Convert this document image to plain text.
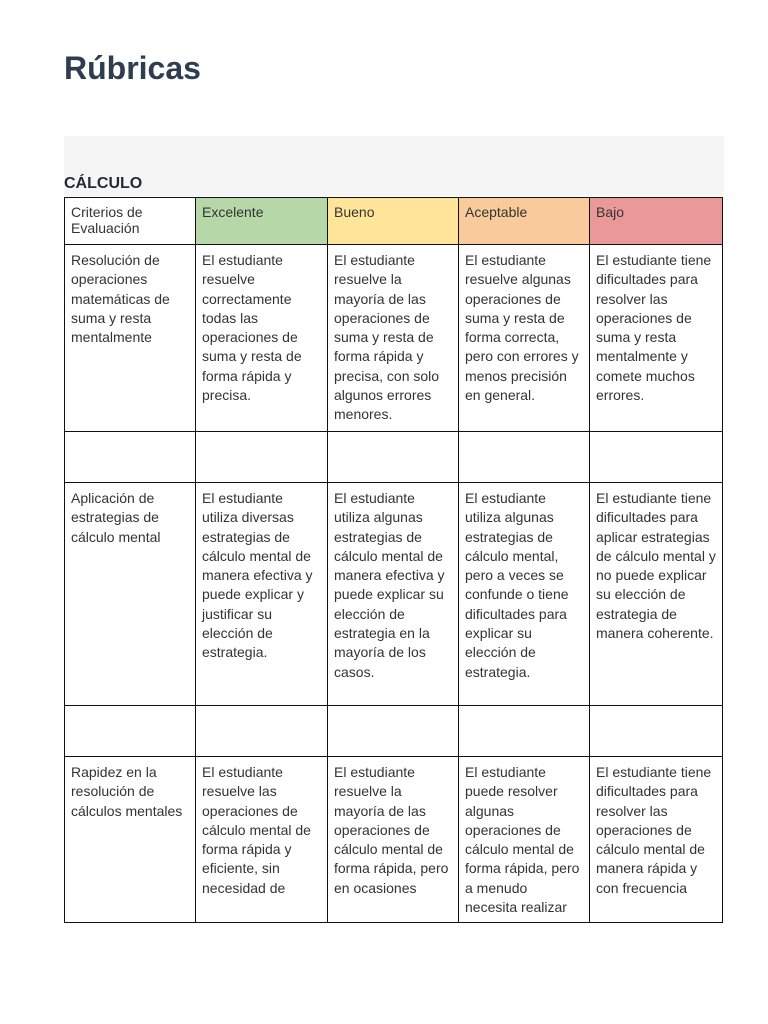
Rúbricas
CÁLCULO
Criterios de Evaluación	Excelente	Bueno	Aceptable	Bajo
Resolución de operaciones matemáticas de suma y resta mentalmente	El estudiante resuelve correctamente todas las operaciones de suma y resta de forma rápida y precisa.	El estudiante resuelve la mayoría de las operaciones de suma y resta de forma rápida y precisa, con solo algunos errores menores.	El estudiante resuelve algunas operaciones de suma y resta de forma correcta, pero con errores y menos precisión en general.	El estudiante tiene dificultades para resolver las operaciones de suma y resta mentalmente y comete muchos errores.

Aplicación de estrategias de cálculo mental	El estudiante utiliza diversas estrategias de cálculo mental de manera efectiva y puede explicar y justificar su elección de estrategia.	El estudiante utiliza algunas estrategias de cálculo mental de manera efectiva y puede explicar su elección de estrategia en la mayoría de los casos.	El estudiante utiliza algunas estrategias de cálculo mental, pero a veces se confunde o tiene dificultades para explicar su elección de estrategia.	El estudiante tiene dificultades para aplicar estrategias de cálculo mental y no puede explicar su elección de estrategia de manera coherente.

Rapidez en la resolución de cálculos mentales	El estudiante resuelve las operaciones de cálculo mental de forma rápida y eficiente, sin necesidad de	El estudiante resuelve la mayoría de las operaciones de cálculo mental de forma rápida, pero en ocasiones	El estudiante puede resolver algunas operaciones de cálculo mental de forma rápida, pero a menudo necesita realizar	El estudiante tiene dificultades para resolver las operaciones de cálculo mental de manera rápida y con frecuencia
